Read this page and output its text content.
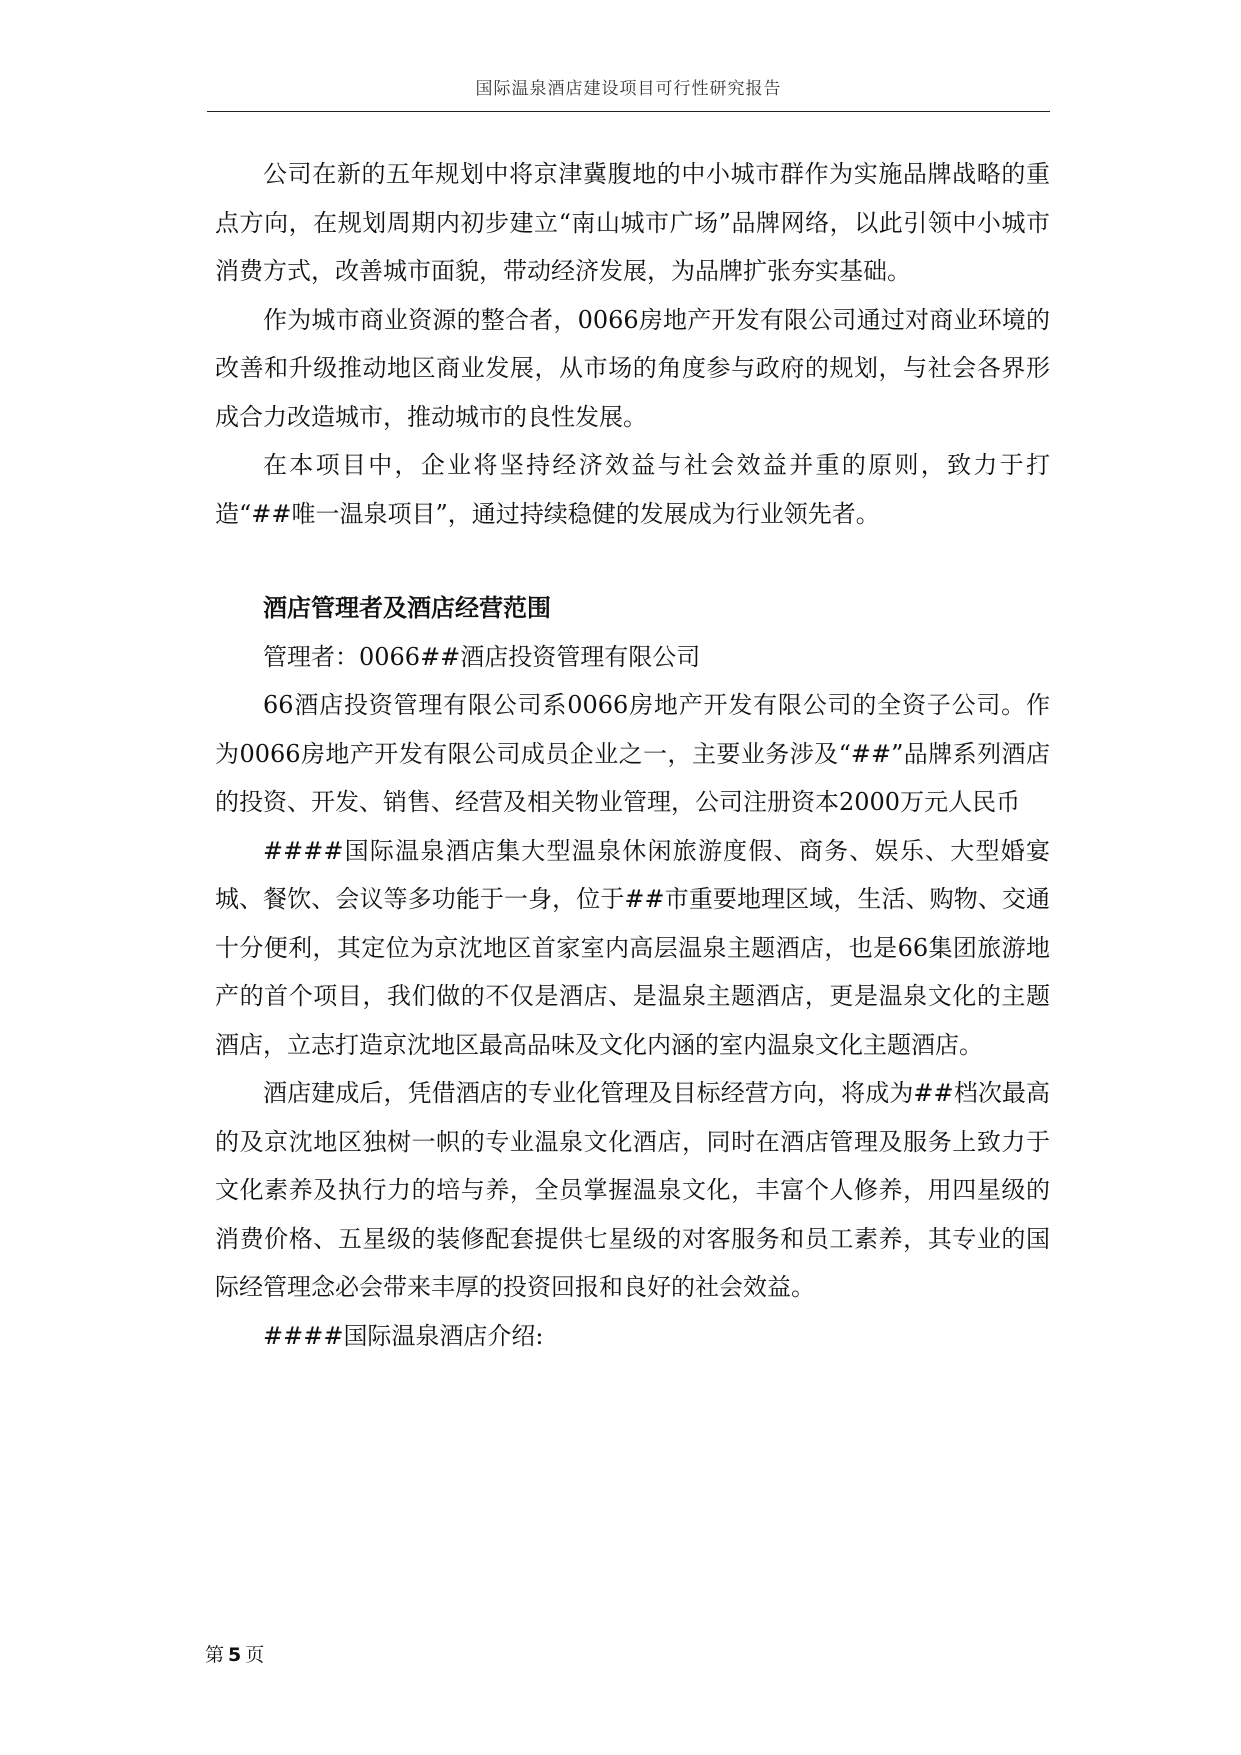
国际温泉酒店建设项目可行性研究报告

公司在新的五年规划中将京津冀腹地的中小城市群作为实施品牌战略的重点方向，在规划周期内初步建立“南山城市广场”品牌网络，以此引领中小城市消费方式，改善城市面貌，带动经济发展，为品牌扩张夯实基础。

作为城市商业资源的整合者，0066房地产开发有限公司通过对商业环境的改善和升级推动地区商业发展，从市场的角度参与政府的规划，与社会各界形成合力改造城市，推动城市的良性发展。

在本项目中，企业将坚持经济效益与社会效益并重的原则，致力于打造“##唯一温泉项目”，通过持续稳健的发展成为行业领先者。

酒店管理者及酒店经营范围

管理者：0066##酒店投资管理有限公司

66酒店投资管理有限公司系0066房地产开发有限公司的全资子公司。作为0066房地产开发有限公司成员企业之一，主要业务涉及“##”品牌系列酒店的投资、开发、销售、经营及相关物业管理，公司注册资本2000万元人民币

####国际温泉酒店集大型温泉休闲旅游度假、商务、娱乐、大型婚宴城、餐饮、会议等多功能于一身，位于##市重要地理区域，生活、购物、交通十分便利，其定位为京沈地区首家室内高层温泉主题酒店，也是66集团旅游地产的首个项目，我们做的不仅是酒店、是温泉主题酒店，更是温泉文化的主题酒店，立志打造京沈地区最高品味及文化内涵的室内温泉文化主题酒店。

酒店建成后，凭借酒店的专业化管理及目标经营方向，将成为##档次最高的及京沈地区独树一帜的专业温泉文化酒店，同时在酒店管理及服务上致力于文化素养及执行力的培与养，全员掌握温泉文化，丰富个人修养，用四星级的消费价格、五星级的装修配套提供七星级的对客服务和员工素养，其专业的国际经管理念必会带来丰厚的投资回报和良好的社会效益。

####国际温泉酒店介绍:

第 5 页
